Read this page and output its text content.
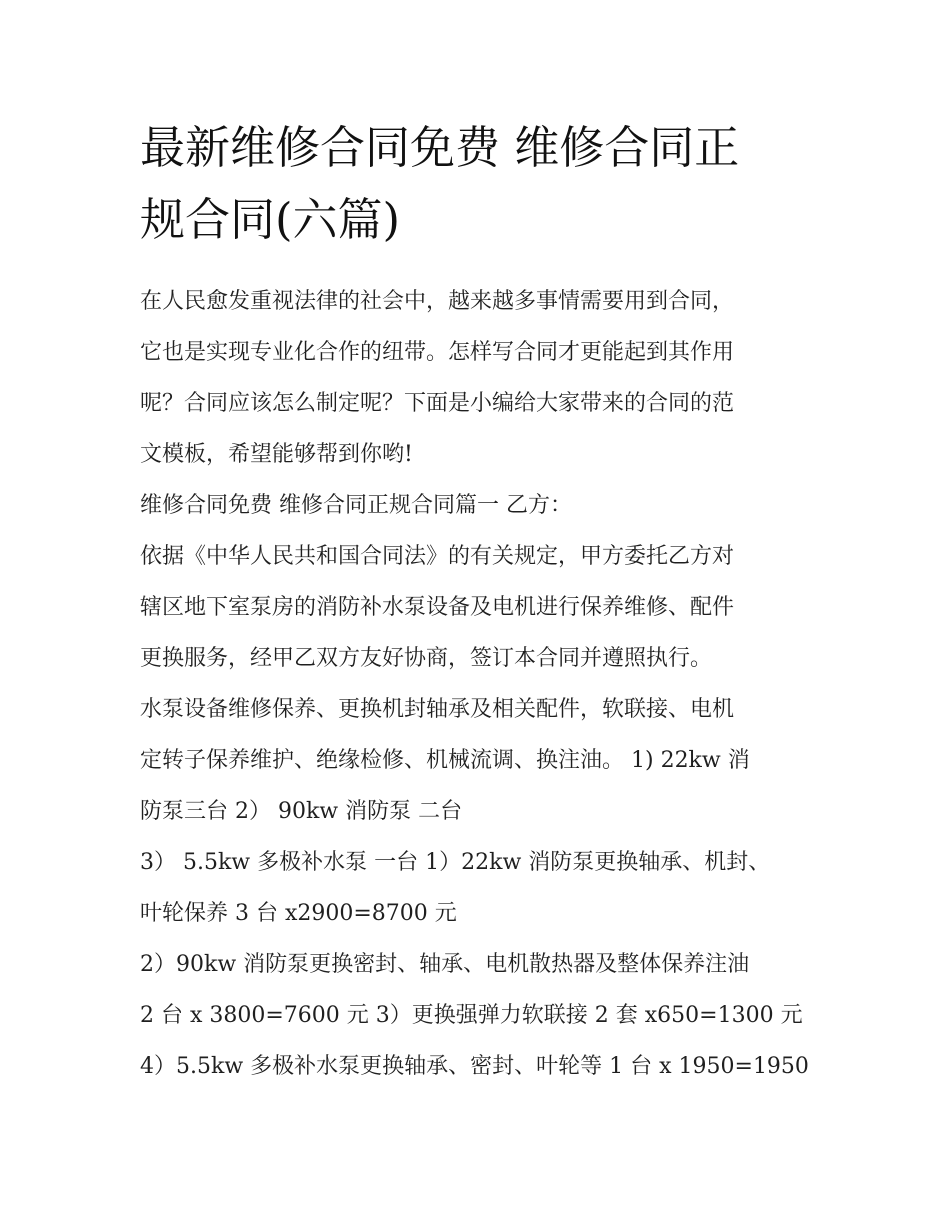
最新维修合同免费 维修合同正
规合同(六篇)
在人民愈发重视法律的社会中，越来越多事情需要用到合同，
它也是实现专业化合作的纽带。怎样写合同才更能起到其作用
呢？合同应该怎么制定呢？下面是小编给大家带来的合同的范
文模板，希望能够帮到你哟!
维修合同免费 维修合同正规合同篇一 乙方：
依据《中华人民共和国合同法》的有关规定，甲方委托乙方对
辖区地下室泵房的消防补水泵设备及电机进行保养维修、配件
更换服务，经甲乙双方友好协商，签订本合同并遵照执行。
水泵设备维修保养、更换机封轴承及相关配件，软联接、电机
定转子保养维护、绝缘检修、机械流调、换注油。 1) 22kw 消
防泵三台 2） 90kw 消防泵 二台
3） 5.5kw 多极补水泵 一台 1）22kw 消防泵更换轴承、机封、
叶轮保养 3 台 x2900=8700 元
2）90kw 消防泵更换密封、轴承、电机散热器及整体保养注油
2 台 x 3800=7600 元 3）更换强弹力软联接 2 套 x650=1300 元
4）5.5kw 多极补水泵更换轴承、密封、叶轮等 1 台 x 1950=1950
